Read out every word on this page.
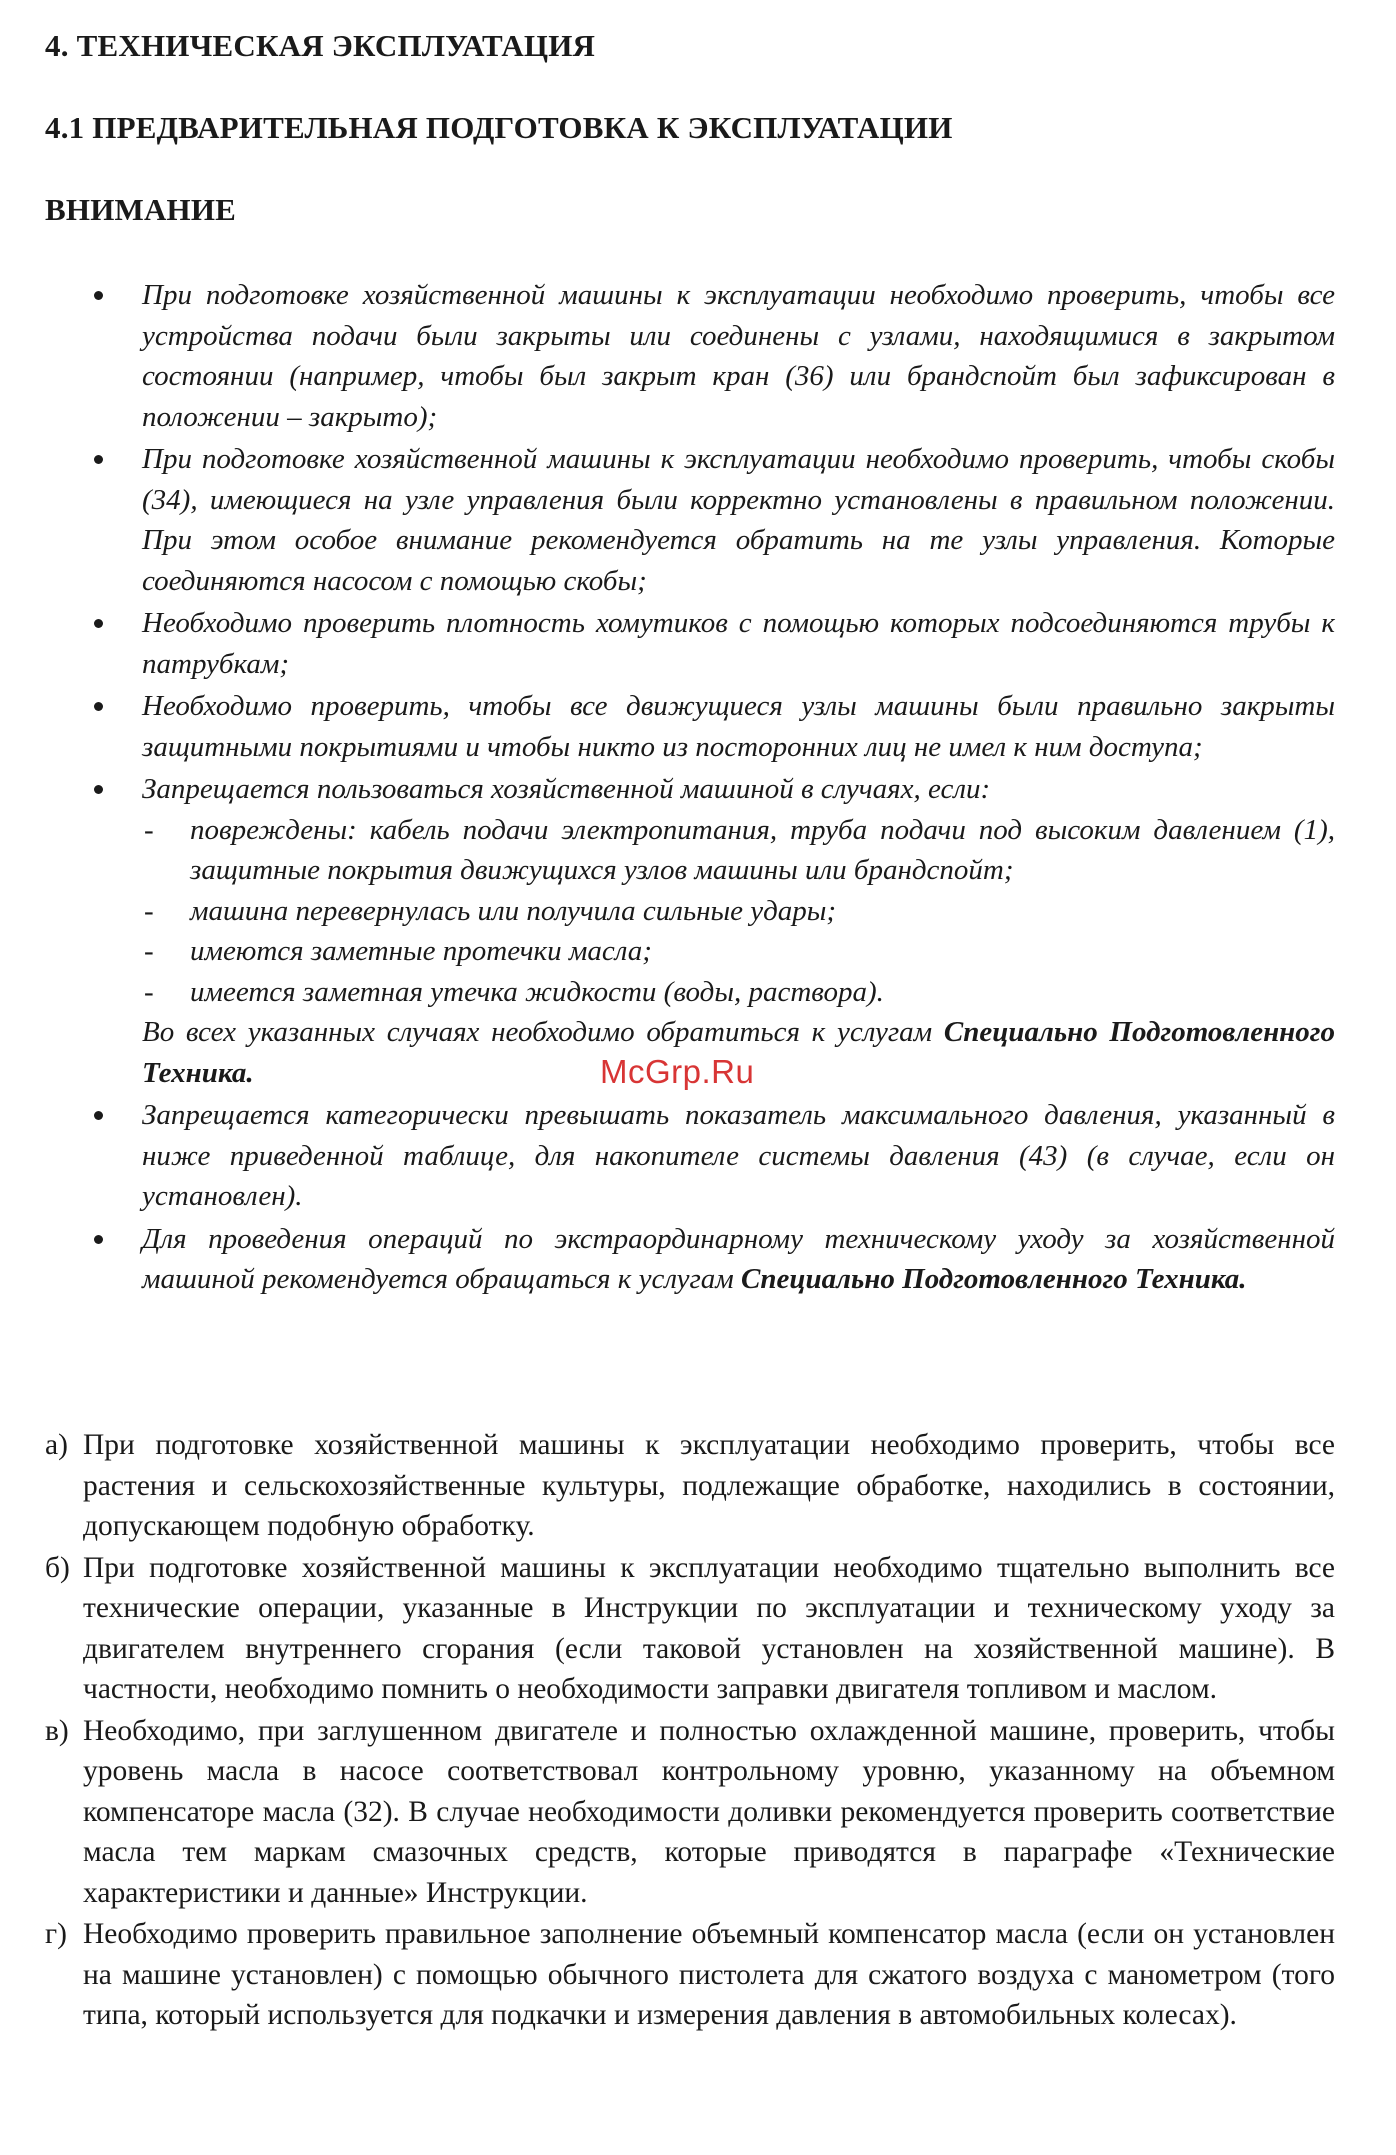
4. ТЕХНИЧЕСКАЯ ЭКСПЛУАТАЦИЯ
4.1 ПРЕДВАРИТЕЛЬНАЯ ПОДГОТОВКА К ЭКСПЛУАТАЦИИ
ВНИМАНИЕ
При подготовке хозяйственной машины к эксплуатации необходимо проверить, чтобы все устройства подачи были закрыты или соединены с узлами, находящимися в закрытом состоянии (например, чтобы был закрыт кран (36) или брандспойт был зафиксирован в положении – закрыто);
При подготовке хозяйственной машины к эксплуатации необходимо проверить, чтобы скобы (34), имеющиеся на узле управления были корректно установлены в правильном положении. При этом особое внимание рекомендуется обратить на те узлы управления. Которые соединяются насосом с помощью скобы;
Необходимо проверить плотность хомутиков с помощью которых подсоединяются трубы к патрубкам;
Необходимо проверить, чтобы все движущиеся узлы машины были правильно закрыты защитными покрытиями и чтобы никто из посторонних лиц не имел к ним доступа;
Запрещается пользоваться хозяйственной машиной в случаях, если:
- повреждены: кабель подачи электропитания, труба подачи под высоким давлением (1), защитные покрытия движущихся узлов машины или брандспойт;
- машина перевернулась или получила сильные удары;
- имеются заметные протечки масла;
- имеется заметная утечка жидкости (воды, раствора).
Во всех указанных случаях необходимо обратиться к услугам Специально Подготовленного Техника.
Запрещается категорически превышать показатель максимального давления, указанный в ниже приведенной таблице, для накопителе системы давления (43) (в случае, если он установлен).
Для проведения операций по экстраординарному техническому уходу за хозяйственной машиной рекомендуется обращаться к услугам Специально Подготовленного Техника.
а) При подготовке хозяйственной машины к эксплуатации необходимо проверить, чтобы все растения и сельскохозяйственные культуры, подлежащие обработке, находились в состоянии, допускающем подобную обработку.
б) При подготовке хозяйственной машины к эксплуатации необходимо тщательно выполнить все технические операции, указанные в Инструкции по эксплуатации и техническому уходу за двигателем внутреннего сгорания (если таковой установлен на хозяйственной машине). В частности, необходимо помнить о необходимости заправки двигателя топливом и маслом.
в) Необходимо, при заглушенном двигателе и полностью охлажденной машине, проверить, чтобы уровень масла в насосе соответствовал контрольному уровню, указанному на объемном компенсаторе масла (32). В случае необходимости доливки рекомендуется проверить соответствие масла тем маркам смазочных средств, которые приводятся в параграфе «Технические характеристики и данные» Инструкции.
г) Необходимо проверить правильное заполнение объемный компенсатор масла (если он установлен на машине установлен) с помощью обычного пистолета для сжатого воздуха с манометром (того типа, который используется для подкачки и измерения давления в автомобильных колесах).
McGrp.Ru
